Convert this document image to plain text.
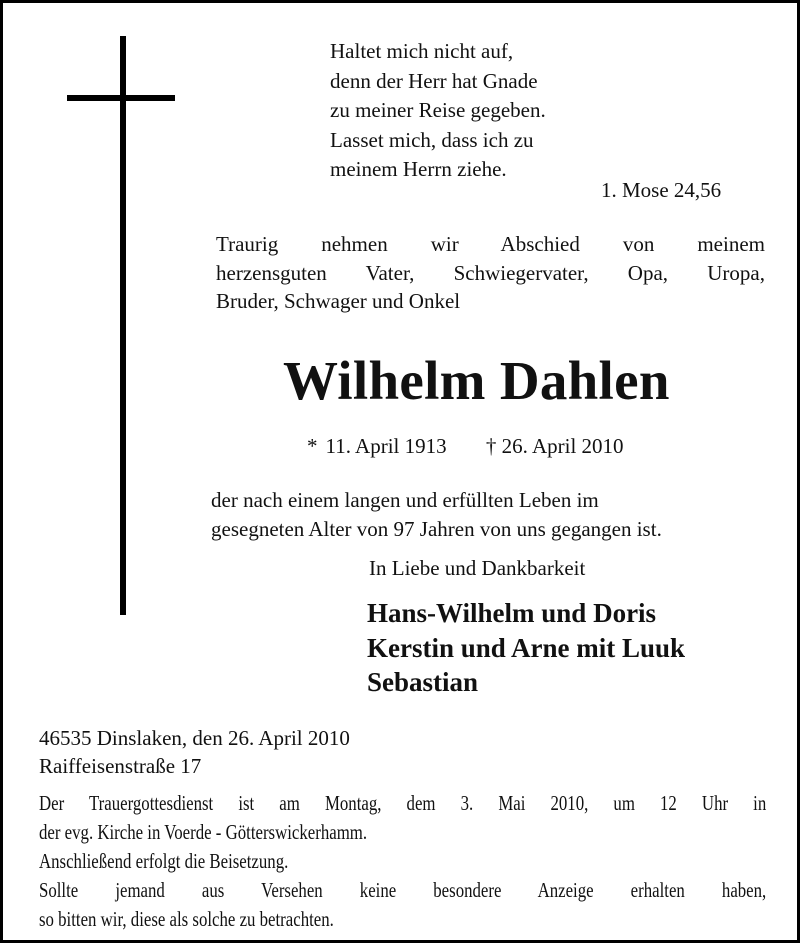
Haltet mich nicht auf,
denn der Herr hat Gnade
zu meiner Reise gegeben.
Lasset mich, dass ich zu
meinem Herrn ziehe.
1. Mose 24,56
Traurig nehmen wir Abschied von meinem
herzensguten Vater, Schwiegervater, Opa, Uropa,
Bruder, Schwager und Onkel
Wilhelm Dahlen
* 11. April 1913 † 26. April 2010
der nach einem langen und erfüllten Leben im
gesegneten Alter von 97 Jahren von uns gegangen ist.
In Liebe und Dankbarkeit
Hans-Wilhelm und Doris
Kerstin und Arne mit Luuk
Sebastian
46535 Dinslaken, den 26. April 2010
Raiffeisenstraße 17
Der Trauergottesdienst ist am Montag, dem 3. Mai 2010, um 12 Uhr in
der evg. Kirche in Voerde - Götterswickerhamm.
Anschließend erfolgt die Beisetzung.
Sollte jemand aus Versehen keine besondere Anzeige erhalten haben,
so bitten wir, diese als solche zu betrachten.
